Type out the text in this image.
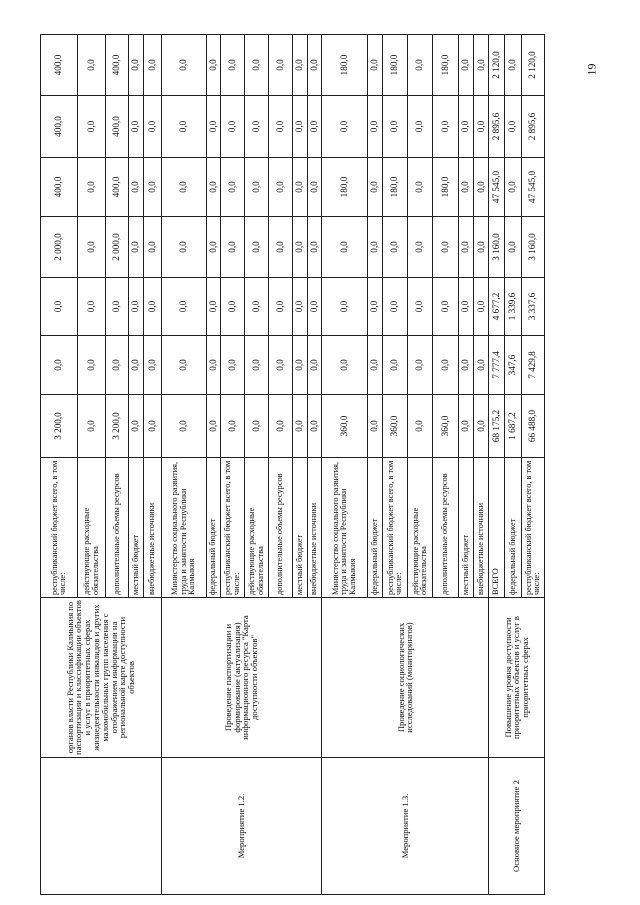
	органов власти Республики Калмыкия по паспортизации и классификации объектов и услуг в приоритетных сферах жизнедеятельности инвалидов и других маломобильных групп населения с отображением информации на региональной карте доступности объектов	республиканский бюджет всего, в том числе:	3 200,0	0,0	0,0	2 000,0	400,0	400,0	400,0
		действующие расходные обязательства	0,0	0,0	0,0	0,0	0,0	0,0	0,0
		дополнительные объемы ресурсов	3 200,0	0,0	0,0	2 000,0	400,0	400,0	400,0
		местный бюджет	0,0	0,0	0,0	0,0	0,0	0,0	0,0
		внебюджетные источники	0,0	0,0	0,0	0,0	0,0	0,0	0,0
Мероприятие 1.2.	Проведение паспортизации и формирование (актуализация) информационного ресурса "Карта доступности объектов"	Министерство социального развития, труда и занятости Республики Калмыкия	0,0	0,0	0,0	0,0	0,0	0,0	0,0
		федеральный бюджет	0,0	0,0	0,0	0,0	0,0	0,0	0,0
		республиканский бюджет всего, в том числе:	0,0	0,0	0,0	0,0	0,0	0,0	0,0
		действующие расходные обязательства	0,0	0,0	0,0	0,0	0,0	0,0	0,0
		дополнительные объемы ресурсов	0,0	0,0	0,0	0,0	0,0	0,0	0,0
		местный бюджет	0,0	0,0	0,0	0,0	0,0	0,0	0,0
		внебюджетные источники	0,0	0,0	0,0	0,0	0,0	0,0	0,0
Мероприятие 1.3.	Проведение социологических исследований (мониторингов)	Министерство социального развития, труда и занятости Республики Калмыкия	360,0	0,0	0,0	0,0	180,0	0,0	180,0
		федеральный бюджет	0,0	0,0	0,0	0,0	0,0	0,0	0,0
		республиканский бюджет всего, в том числе:	360,0	0,0	0,0	0,0	180,0	0,0	180,0
		действующие расходные обязательства	0,0	0,0	0,0	0,0	0,0	0,0	0,0
		дополнительные объемы ресурсов	360,0	0,0	0,0	0,0	180,0	0,0	180,0
		местный бюджет	0,0	0,0	0,0	0,0	0,0	0,0	0,0
		внебюджетные источники	0,0	0,0	0,0	0,0	0,0	0,0	0,0
Основное мероприятие 2	Повышение уровня доступности приоритетных объектов и услуг в приоритетных сферах	ВСЕГО	68 175,2	7 777,4	4 677,2	3 160,0	47 545,0	2 895,6	2 120,0
		федеральный бюджет	1 687,2	347,6	1 339,6	0,0	0,0	0,0	0,0
		республиканский бюджет всего, в том числе:	66 488,0	7 429,8	3 337,6	3 160,0	47 545,0	2 895,6	2 120,0	19
